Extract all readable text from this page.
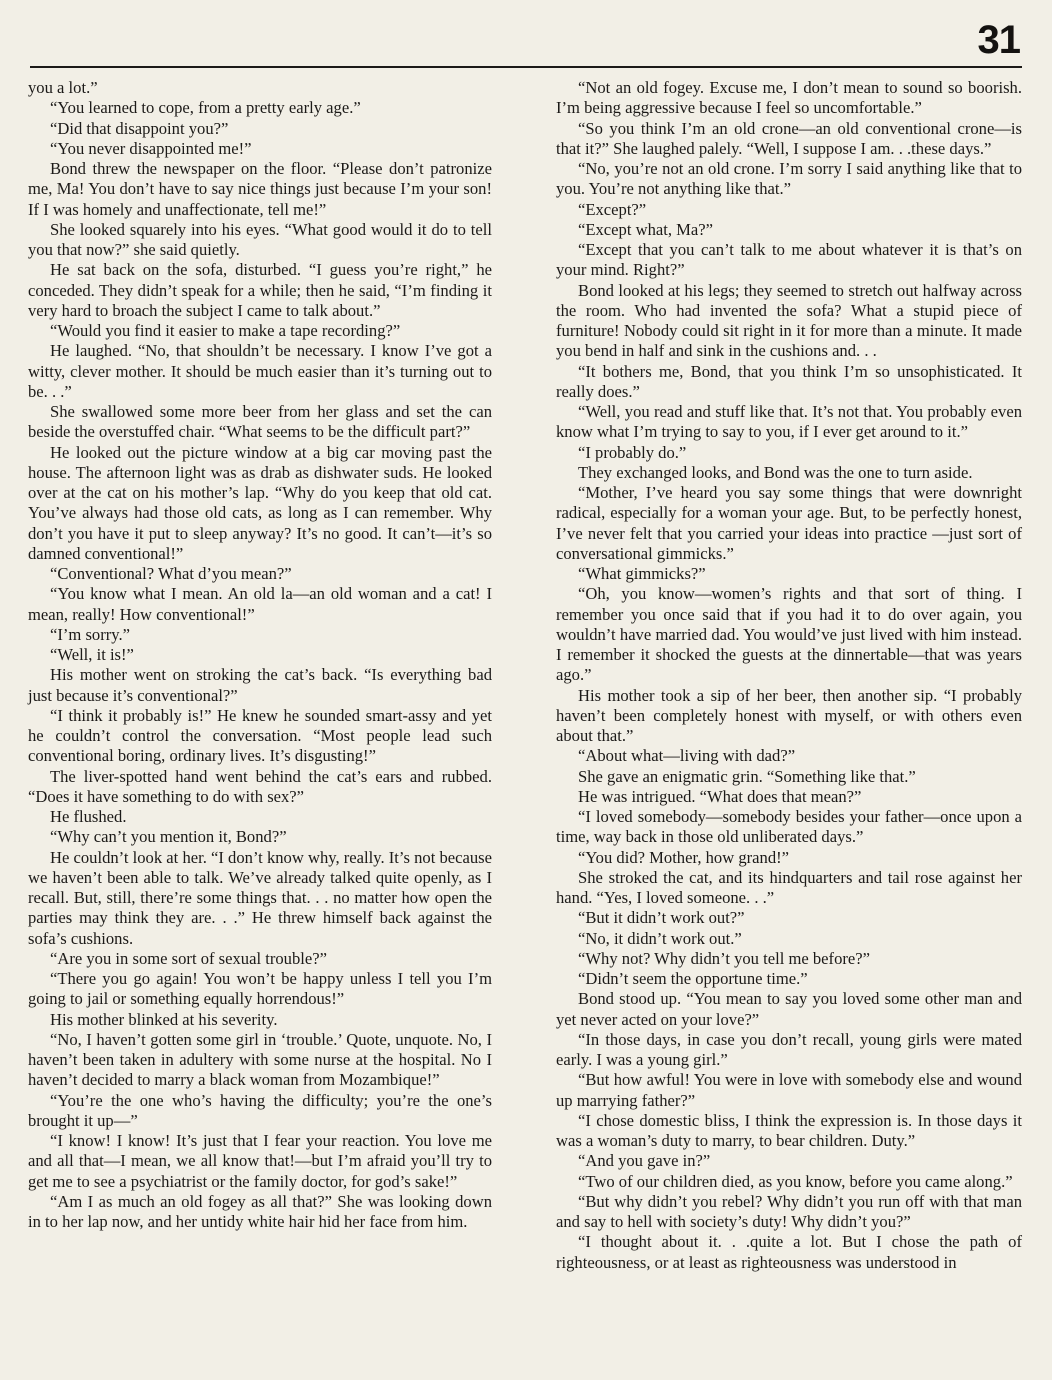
31

you a lot.”

“You learned to cope, from a pretty early age.”

“Did that disappoint you?”

“You never disappointed me!”

Bond threw the newspaper on the floor. “Please don’t patronize me, Ma! You don’t have to say nice things just because I’m your son! If I was homely and unaffectionate, tell me!”

She looked squarely into his eyes. “What good would it do to tell you that now?” she said quietly.

He sat back on the sofa, disturbed. “I guess you’re right,” he conceded. They didn’t speak for a while; then he said, “I’m finding it very hard to broach the subject I came to talk about.”

“Would you find it easier to make a tape recording?”

He laughed. “No, that shouldn’t be necessary. I know I’ve got a witty, clever mother. It should be much easier than it’s turning out to be. . .”

She swallowed some more beer from her glass and set the can beside the overstuffed chair. “What seems to be the difficult part?”

He looked out the picture window at a big car moving past the house. The afternoon light was as drab as dishwater suds. He looked over at the cat on his mother’s lap. “Why do you keep that old cat. You’ve always had those old cats, as long as I can remember. Why don’t you have it put to sleep anyway? It’s no good. It can’t—it’s so damned conventional!”

“Conventional? What d’you mean?”

“You know what I mean. An old la—an old woman and a cat! I mean, really! How conventional!”

“I’m sorry.”

“Well, it is!”

His mother went on stroking the cat’s back. “Is everything bad just because it’s conventional?”

“I think it probably is!” He knew he sounded smart-assy and yet he couldn’t control the conversation. “Most people lead such conventional boring, ordinary lives. It’s disgusting!”

The liver-spotted hand went behind the cat’s ears and rubbed. “Does it have something to do with sex?”

He flushed.

“Why can’t you mention it, Bond?”

He couldn’t look at her. “I don’t know why, really. It’s not because we haven’t been able to talk. We’ve already talked quite openly, as I recall. But, still, there’re some things that. . . no matter how open the parties may think they are. . .” He threw himself back against the sofa’s cushions.

“Are you in some sort of sexual trouble?”

“There you go again! You won’t be happy unless I tell you I’m going to jail or something equally horrendous!”

His mother blinked at his severity.

“No, I haven’t gotten some girl in ‘trouble.’ Quote, unquote. No, I haven’t been taken in adultery with some nurse at the hospital. No I haven’t decided to marry a black woman from Mozambique!”

“You’re the one who’s having the difficulty; you’re the one’s brought it up—”

“I know! I know! It’s just that I fear your reaction. You love me and all that—I mean, we all know that!—but I’m afraid you’ll try to get me to see a psychiatrist or the family doctor, for god’s sake!”

“Am I as much an old fogey as all that?” She was looking down in to her lap now, and her untidy white hair hid her face from him.

“Not an old fogey. Excuse me, I don’t mean to sound so boorish. I’m being aggressive because I feel so uncomfortable.”

“So you think I’m an old crone—an old conventional crone—is that it?” She laughed palely. “Well, I suppose I am. . .these days.”

“No, you’re not an old crone. I’m sorry I said anything like that to you. You’re not anything like that.”

“Except?”

“Except what, Ma?”

“Except that you can’t talk to me about whatever it is that’s on your mind. Right?”

Bond looked at his legs; they seemed to stretch out halfway across the room. Who had invented the sofa? What a stupid piece of furniture! Nobody could sit right in it for more than a minute. It made you bend in half and sink in the cushions and. . .

“It bothers me, Bond, that you think I’m so unsophisticated. It really does.”

“Well, you read and stuff like that. It’s not that. You probably even know what I’m trying to say to you, if I ever get around to it.”

“I probably do.”

They exchanged looks, and Bond was the one to turn aside.

“Mother, I’ve heard you say some things that were downright radical, especially for a woman your age. But, to be perfectly honest, I’ve never felt that you carried your ideas into practice —just sort of conversational gimmicks.”

“What gimmicks?”

“Oh, you know—women’s rights and that sort of thing. I remember you once said that if you had it to do over again, you wouldn’t have married dad. You would’ve just lived with him instead. I remember it shocked the guests at the dinnertable—that was years ago.”

His mother took a sip of her beer, then another sip. “I probably haven’t been completely honest with myself, or with others even about that.”

“About what—living with dad?”

She gave an enigmatic grin. “Something like that.”

He was intrigued. “What does that mean?”

“I loved somebody—somebody besides your father—once upon a time, way back in those old unliberated days.”

“You did? Mother, how grand!”

She stroked the cat, and its hindquarters and tail rose against her hand. “Yes, I loved someone. . .”

“But it didn’t work out?”

“No, it didn’t work out.”

“Why not? Why didn’t you tell me before?”

“Didn’t seem the opportune time.”

Bond stood up. “You mean to say you loved some other man and yet never acted on your love?”

“In those days, in case you don’t recall, young girls were mated early. I was a young girl.”

“But how awful! You were in love with somebody else and wound up marrying father?”

“I chose domestic bliss, I think the expression is. In those days it was a woman’s duty to marry, to bear children. Duty.”

“And you gave in?”

“Two of our children died, as you know, before you came along.”

“But why didn’t you rebel? Why didn’t you run off with that man and say to hell with society’s duty! Why didn’t you?”

“I thought about it. . .quite a lot. But I chose the path of righteousness, or at least as righteousness was understood in
